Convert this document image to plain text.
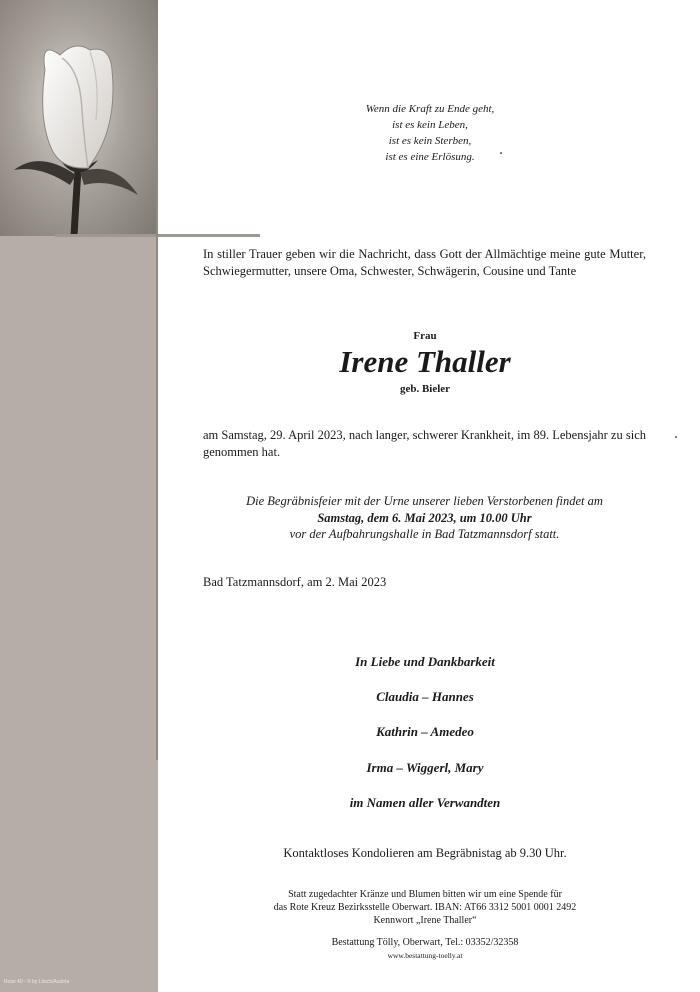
Rose 40 - © by Lösch/Austria
Wenn die Kraft zu Ende geht,
ist es kein Leben,
ist es kein Sterben,
ist es eine Erlösung.
In stiller Trauer geben wir die Nachricht, dass Gott der Allmächtige meine gute Mutter, Schwiegermutter, unsere Oma, Schwester, Schwägerin, Cousine und Tante
Frau
Irene Thaller
geb. Bieler
am Samstag, 29. April 2023, nach langer, schwerer Krankheit, im 89. Lebensjahr zu sich genommen hat.
Die Begräbnisfeier mit der Urne unserer lieben Verstorbenen findet am
Samstag, dem 6. Mai 2023, um 10.00 Uhr
vor der Aufbahrungshalle in Bad Tatzmannsdorf statt.
Bad Tatzmannsdorf, am 2. Mai 2023
In Liebe und Dankbarkeit
Claudia – Hannes
Kathrin – Amedeo
Irma – Wiggerl, Mary
im Namen aller Verwandten
Kontaktloses Kondolieren am Begräbnistag ab 9.30 Uhr.
Statt zugedachter Kränze und Blumen bitten wir um eine Spende für
das Rote Kreuz Bezirksstelle Oberwart. IBAN: AT66 3312 5001 0001 2492
Kennwort „Irene Thaller“
Bestattung Tölly, Oberwart, Tel.: 03352/32358
www.bestattung-toelly.at
